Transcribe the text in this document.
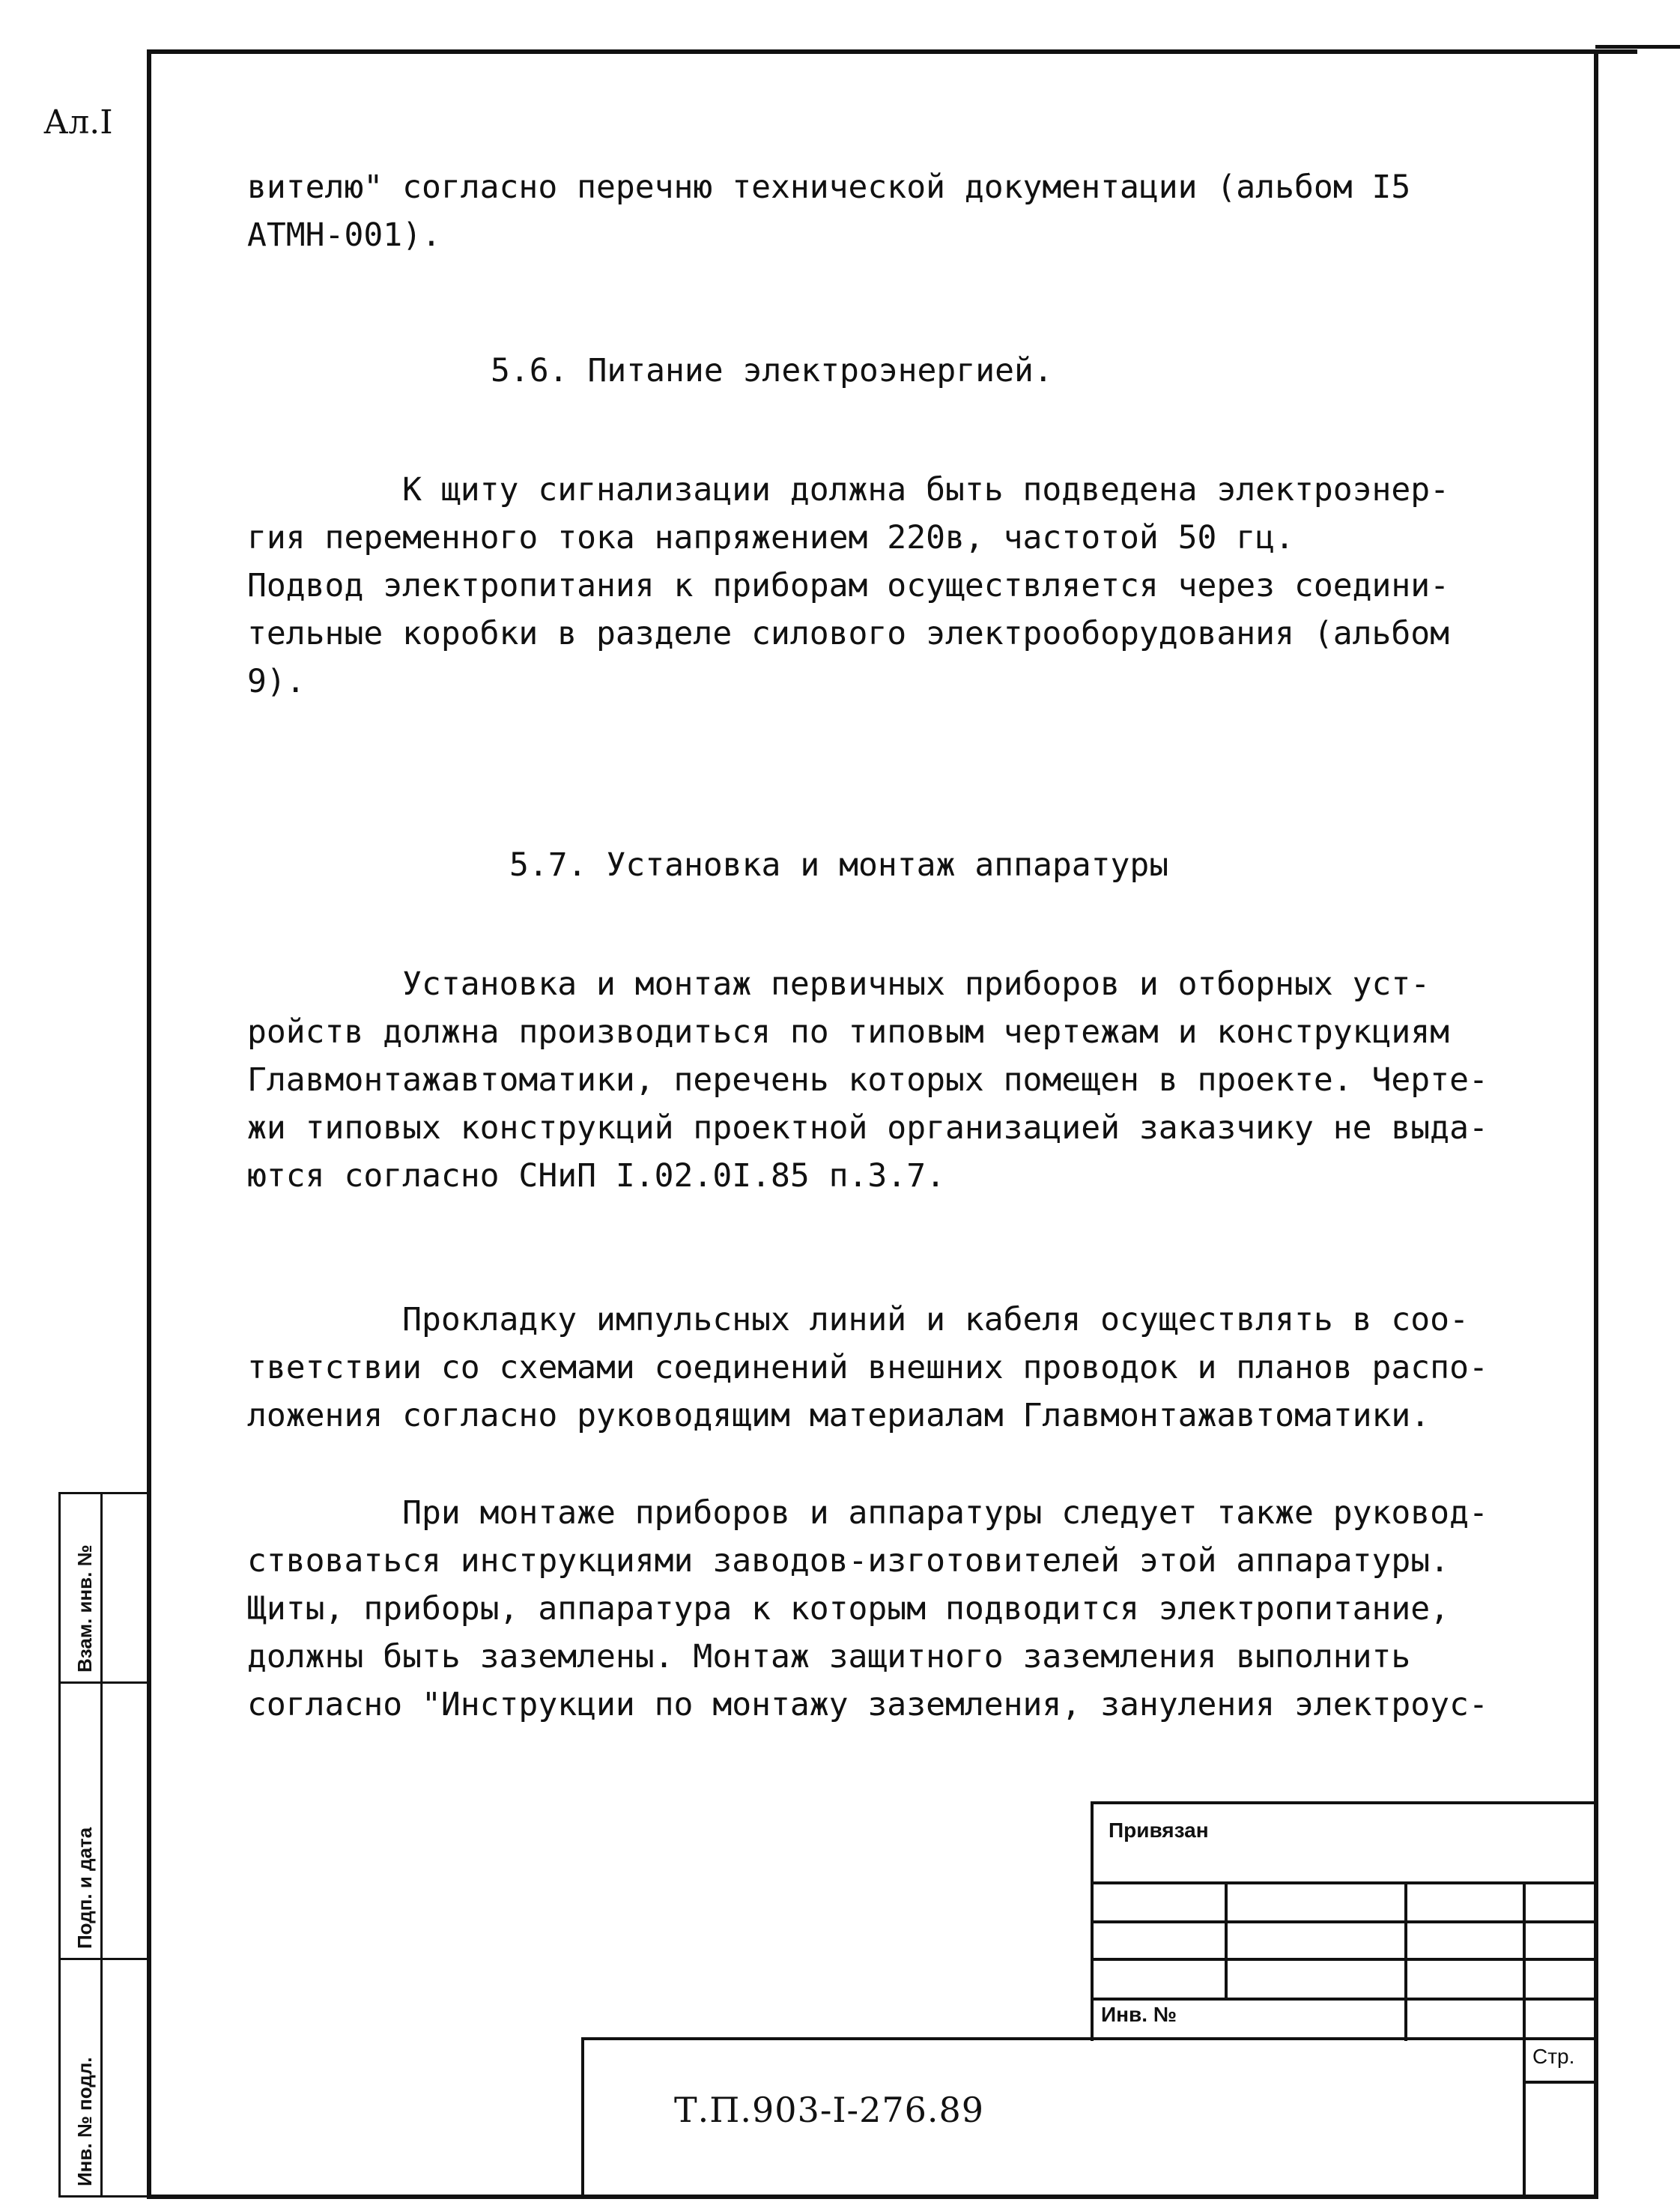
Ал.I
вителю" согласно перечню технической документации (альбом I5
АТМН-001).
5.6. Питание электроэнергией.
К щиту сигнализации должна быть подведена электроэнер-
гия переменного тока напряжением 220в, частотой 50 гц.
Подвод электропитания к приборам осуществляется через соедини-
тельные коробки в разделе силового электрооборудования (альбом
9).
5.7. Установка и монтаж аппаратуры
Установка и монтаж первичных приборов и отборных уст-
ройств должна производиться по типовым чертежам и конструкциям
Главмонтажавтоматики, перечень которых помещен в проекте. Черте-
жи типовых конструкций проектной организацией заказчику не выда-
ются согласно СНиП I.02.0I.85 п.3.7.
Прокладку импульсных линий и кабеля осуществлять в соо-
тветствии со схемами соединений внешних проводок и планов распо-
ложения согласно руководящим материалам Главмонтажавтоматики.
При монтаже приборов и аппаратуры следует также руковод-
ствоваться инструкциями заводов-изготовителей этой аппаратуры.
Щиты, приборы, аппаратура к которым подводится электропитание,
должны быть заземлены. Монтаж защитного заземления выполнить
согласно "Инструкции по монтажу заземления, зануления электроус-
Взам. инв. №
Подп. и дата
Инв. № подл.
Привязан
Инв. №
Стр.
Т.П.903-I-276.89
